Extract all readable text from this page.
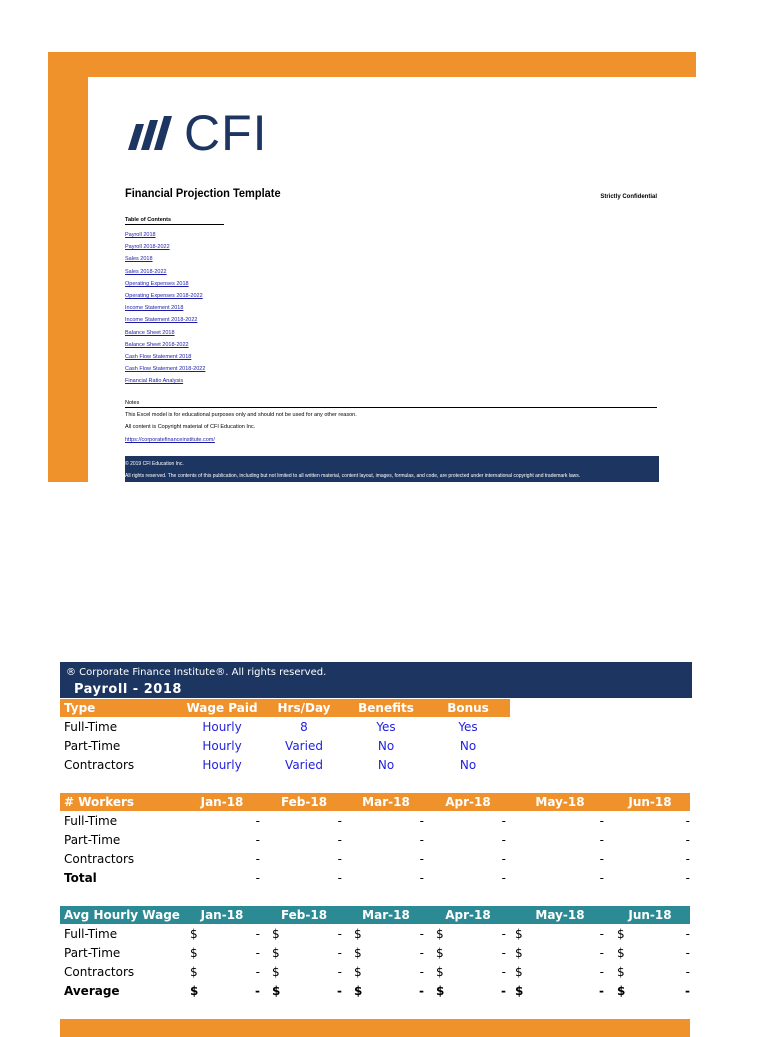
CFI
Financial Projection Template	Strictly Confidential
Table of Contents
Payroll 2018
Payroll 2018-2022
Sales 2018
Sales 2018-2022
Operating Expenses 2018
Operating Expenses 2018-2022
Income Statement 2018
Income Statement 2018-2022
Balance Sheet 2018
Balance Sheet 2018-2022
Cash Flow Statement 2018
Cash Flow Statement 2018-2022
Financial Ratio Analysis
Notes
This Excel model is for educational purposes only and should not be used for any other reason.
All content is Copyright material of CFI Education Inc.
https://corporatefinanceinstitute.com/
© 2019 CFI Education Inc.
All rights reserved. The contents of this publication, including but not limited to all written material, content layout, images, formulas, and code, are protected under international copyright and trademark laws.
® Corporate Finance Institute®. All rights reserved.
Payroll - 2018
Type	Wage Paid Hrs/Day Benefits	Bonus
Full-Time	Hourly	8	Yes	Yes
Part-Time	Hourly	Varied	No	No
Contractors	Hourly	Varied	No	No
# Workers	Jan-18	Feb-18	Mar-18	Apr-18	May-18	Jun-18
Full-Time	-	-	-	-	-	-
Part-Time	-	-	-	-	-	-
Contractors	-	-	-	-	-	-
Total	-	-	-	-	-	-
Avg Hourly Wage	Jan-18	Feb-18	Mar-18	Apr-18	May-18	Jun-18
Full-Time	$	- $	- $	- $	- $	- $	-
Part-Time	$	- $	- $	- $	- $	- $	-
Contractors	$	- $	- $	- $	- $	- $	-
Average	$	- $	- $	- $	- $	- $	-
